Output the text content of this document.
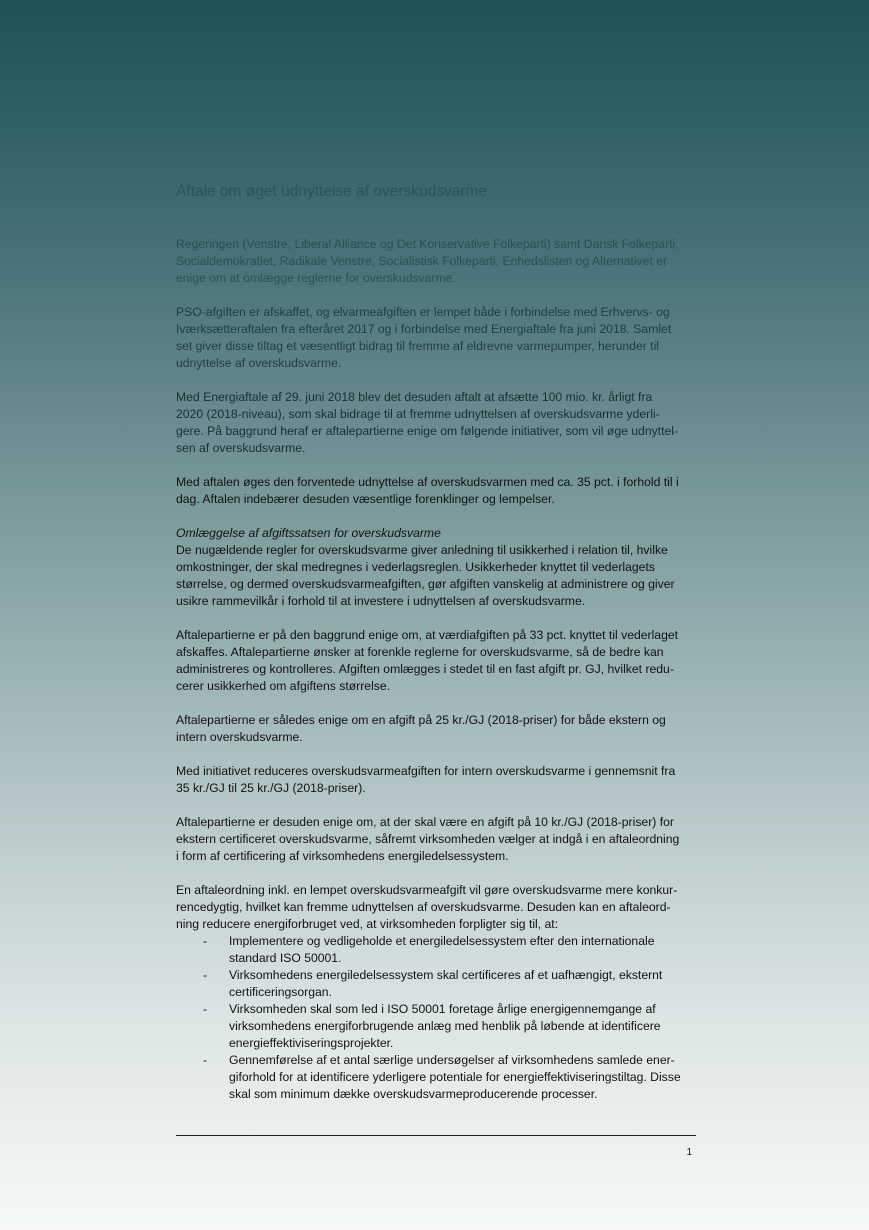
Aftale om øget udnyttelse af overskudsvarme

Regeringen (Venstre, Liberal Alliance og Det Konservative Folkeparti) samt Dansk Folkeparti,
Socialdemokratiet, Radikale Venstre, Socialistisk Folkeparti, Enhedslisten og Alternativet er
enige om at omlægge reglerne for overskudsvarme.

PSO-afgiften er afskaffet, og elvarmeafgiften er lempet både i forbindelse med Erhvervs- og
Iværksætteraftalen fra efteråret 2017 og i forbindelse med Energiaftale fra juni 2018. Samlet
set giver disse tiltag et væsentligt bidrag til fremme af eldrevne varmepumper, herunder til
udnyttelse af overskudsvarme.

Med Energiaftale af 29. juni 2018 blev det desuden aftalt at afsætte 100 mio. kr. årligt fra
2020 (2018-niveau), som skal bidrage til at fremme udnyttelsen af overskudsvarme yderli-
gere. På baggrund heraf er aftalepartierne enige om følgende initiativer, som vil øge udnyttel-
sen af overskudsvarme.

Med aftalen øges den forventede udnyttelse af overskudsvarmen med ca. 35 pct. i forhold til i
dag. Aftalen indebærer desuden væsentlige forenklinger og lempelser.

Omlæggelse af afgiftssatsen for overskudsvarme
De nugældende regler for overskudsvarme giver anledning til usikkerhed i relation til, hvilke
omkostninger, der skal medregnes i vederlagsreglen. Usikkerheder knyttet til vederlagets
størrelse, og dermed overskudsvarmeafgiften, gør afgiften vanskelig at administrere og giver
usikre rammevilkår i forhold til at investere i udnyttelsen af overskudsvarme.

Aftalepartierne er på den baggrund enige om, at værdiafgiften på 33 pct. knyttet til vederlaget
afskaffes. Aftalepartierne ønsker at forenkle reglerne for overskudsvarme, så de bedre kan
administreres og kontrolleres. Afgiften omlægges i stedet til en fast afgift pr. GJ, hvilket redu-
cerer usikkerhed om afgiftens størrelse.

Aftalepartierne er således enige om en afgift på 25 kr./GJ (2018-priser) for både ekstern og
intern overskudsvarme.

Med initiativet reduceres overskudsvarmeafgiften for intern overskudsvarme i gennemsnit fra
35 kr./GJ til 25 kr./GJ (2018-priser).

Aftalepartierne er desuden enige om, at der skal være en afgift på 10 kr./GJ (2018-priser) for
ekstern certificeret overskudsvarme, såfremt virksomheden vælger at indgå i en aftaleordning
i form af certificering af virksomhedens energiledelsessystem.

En aftaleordning inkl. en lempet overskudsvarmeafgift vil gøre overskudsvarme mere konkur-
rencedygtig, hvilket kan fremme udnyttelsen af overskudsvarme. Desuden kan en aftaleord-
ning reducere energiforbruget ved, at virksomheden forpligter sig til, at:
- Implementere og vedligeholde et energiledelsessystem efter den internationale
standard ISO 50001.
- Virksomhedens energiledelsessystem skal certificeres af et uafhængigt, eksternt
certificeringsorgan.
- Virksomheden skal som led i ISO 50001 foretage årlige energigennemgange af
virksomhedens energiforbrugende anlæg med henblik på løbende at identificere
energieffektiviseringsprojekter.
- Gennemførelse af et antal særlige undersøgelser af virksomhedens samlede ener-
giforhold for at identificere yderligere potentiale for energieffektiviseringstiltag. Disse
skal som minimum dække overskudsvarmeproducerende processer.
1
